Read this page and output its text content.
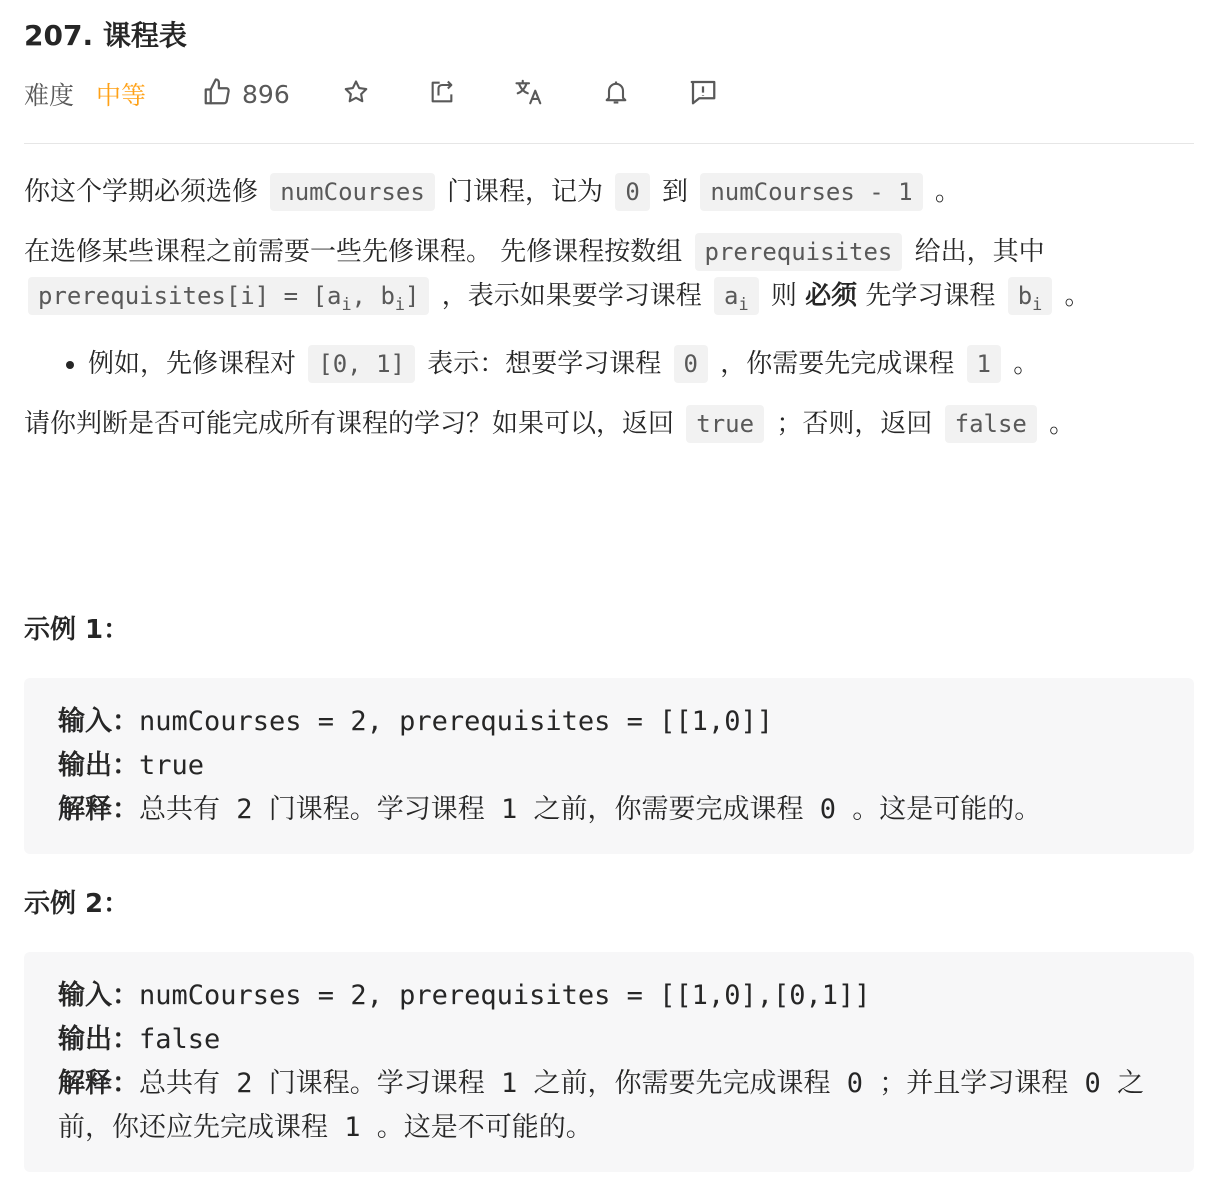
207. 课程表
难度 中等	896

你这个学期必须选修 numCourses 门课程，记为 0 到 numCourses - 1 。

在选修某些课程之前需要一些先修课程。 先修课程按数组 prerequisites 给出，其中 prerequisites[i] = [$a_i$, $b_i$] ，表示如果要学习课程 $a_i$ 则 必须 先学习课程 $b_i$ 。

• 例如，先修课程对 [0, 1] 表示：想要学习课程 0 ，你需要先完成课程 1 。

请你判断是否可能完成所有课程的学习？如果可以，返回 true ；否则，返回 false 。

示例 1：

输入：numCourses = 2, prerequisites = [[1,0]]
输出：true
解释：总共有 2 门课程。学习课程 1 之前，你需要完成课程 0 。这是可能的。

示例 2：

输入：numCourses = 2, prerequisites = [[1,0],[0,1]]
输出：false
解释：总共有 2 门课程。学习课程 1 之前，你需要先完成课程 0 ；并且学习课程 0 之前，你还应先完成课程 1 。这是不可能的。
